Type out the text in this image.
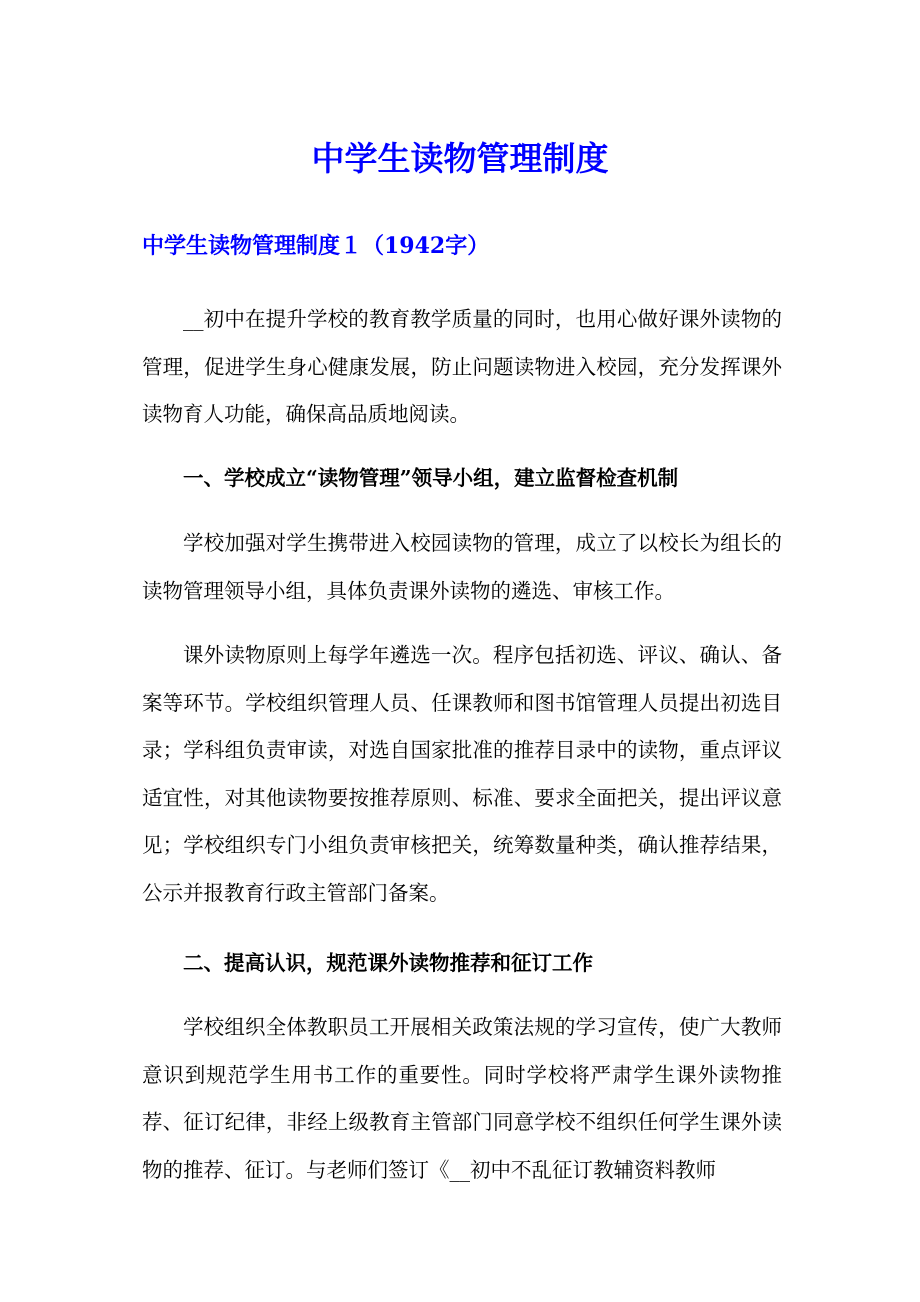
中学生读物管理制度
中学生读物管理制度１（1942字）

__初中在提升学校的教育教学质量的同时，也用心做好课外读物的管理，促进学生身心健康发展，防止问题读物进入校园，充分发挥课外读物育人功能，确保高品质地阅读。

一、学校成立“读物管理”领导小组，建立监督检查机制

学校加强对学生携带进入校园读物的管理，成立了以校长为组长的读物管理领导小组，具体负责课外读物的遴选、审核工作。

课外读物原则上每学年遴选一次。程序包括初选、评议、确认、备案等环节。学校组织管理人员、任课教师和图书馆管理人员提出初选目录；学科组负责审读，对选自国家批准的推荐目录中的读物，重点评议适宜性，对其他读物要按推荐原则、标准、要求全面把关，提出评议意见；学校组织专门小组负责审核把关，统筹数量种类，确认推荐结果，公示并报教育行政主管部门备案。

二、提高认识，规范课外读物推荐和征订工作

学校组织全体教职员工开展相关政策法规的学习宣传，使广大教师意识到规范学生用书工作的重要性。同时学校将严肃学生课外读物推荐、征订纪律，非经上级教育主管部门同意学校不组织任何学生课外读物的推荐、征订。与老师们签订《__初中不乱征订教辅资料教师
